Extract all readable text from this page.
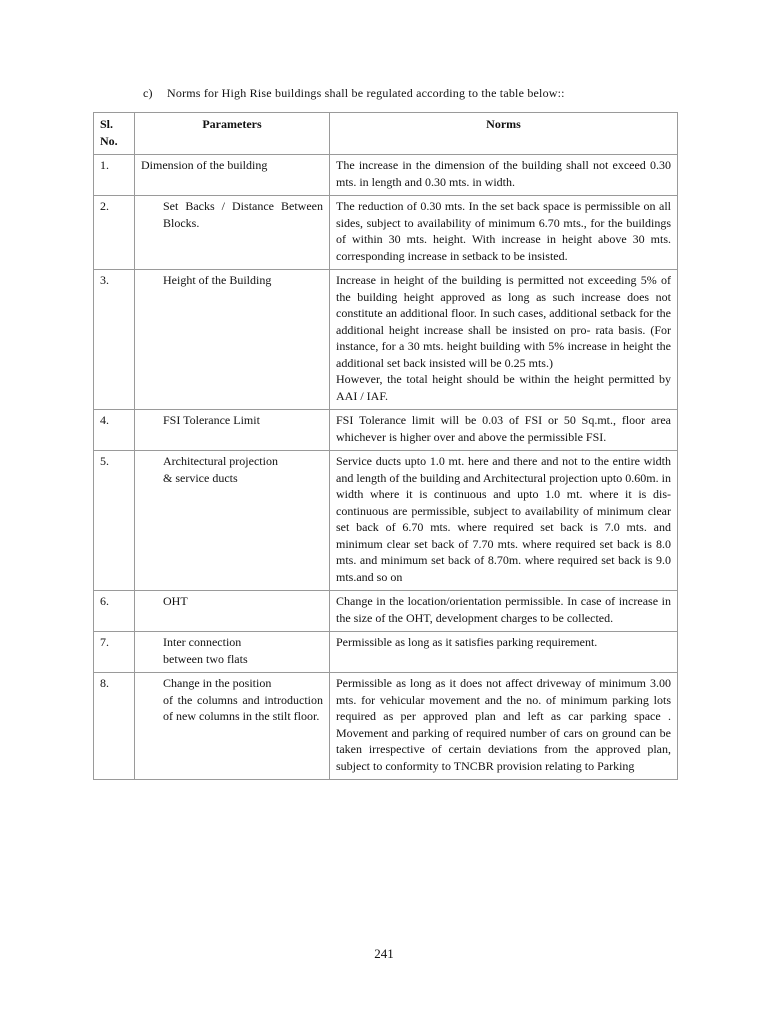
c) Norms for High Rise buildings shall be regulated according to the table below::
Sl.
No.	Parameters	Norms
1.	Dimension of the building	The increase in the dimension of the building shall not exceed 0.30 mts. in length and 0.30 mts. in width.
2.	Set Backs / Distance Between Blocks.	The reduction of 0.30 mts. In the set back space is permissible on all sides, subject to availability of minimum 6.70 mts., for the buildings of within 30 mts. height. With increase in height above 30 mts. corresponding increase in setback to be insisted.
3.	Height of the Building	Increase in height of the building is permitted not exceeding 5% of the building height approved as long as such increase does not constitute an additional floor. In such cases, additional setback for the additional height increase shall be insisted on pro- rata basis. (For instance, for a 30 mts. height building with 5% increase in height the additional set back insisted will be 0.25 mts.)
However, the total height should be within the height permitted by AAI / IAF.

4.	FSI Tolerance Limit	FSI Tolerance limit will be 0.03 of FSI or 50 Sq.mt., floor area whichever is higher over and above the permissible FSI.
5.	Architectural projection
& service ducts	Service ducts upto 1.0 mt. here and there and not to the entire width and length of the building and Architectural projection upto 0.60m. in width where it is continuous and upto 1.0 mt. where it is dis-continuous are permissible, subject to availability of minimum clear set back of 6.70 mts. where required set back is 7.0 mts. and minimum clear set back of 7.70 mts. where required set back is 8.0 mts. and minimum set back of 8.70m. where required set back is 9.0 mts.and so on
6.	OHT	Change in the location/orientation permissible. In case of increase in the size of the OHT, development charges to be collected.
7.	Inter connection
between two flats	Permissible as long as it satisfies parking requirement.
8.	Change in the position
of the columns and introduction of new columns in the stilt floor.	Permissible as long as it does not affect driveway of minimum 3.00 mts. for vehicular movement and the no. of minimum parking lots required as per approved plan and left as car parking space . Movement and parking of required number of cars on ground can be taken irrespective of certain deviations from the approved plan, subject to conformity to TNCBR provision relating to Parking
241
